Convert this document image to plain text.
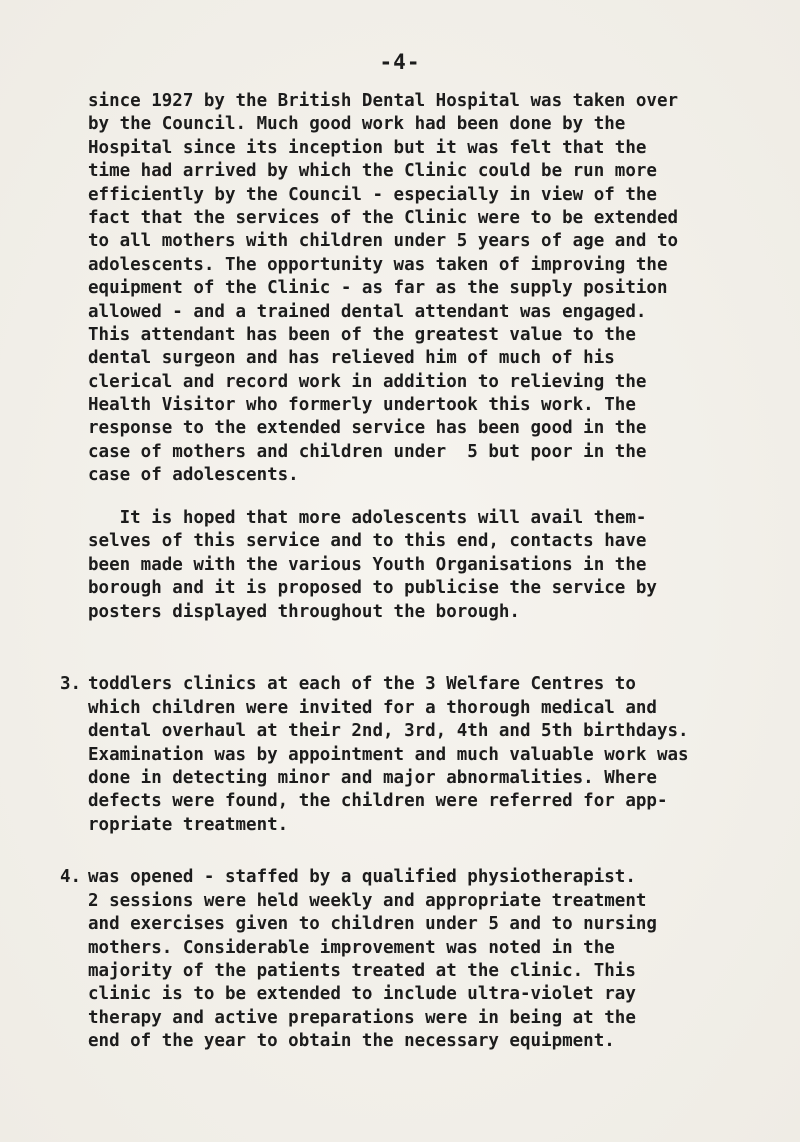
-4-
since 1927 by the British Dental Hospital was taken over
by the Council. Much good work had been done by the
Hospital since its inception but it was felt that the
time had arrived by which the Clinic could be run more
efficiently by the Council - especially in view of the
fact that the services of the Clinic were to be extended
to all mothers with children under 5 years of age and to
adolescents. The opportunity was taken of improving the
equipment of the Clinic - as far as the supply position
allowed - and a trained dental attendant was engaged.
This attendant has been of the greatest value to the
dental surgeon and has relieved him of much of his
clerical and record work in addition to relieving the
Health Visitor who formerly undertook this work. The
response to the extended service has been good in the
case of mothers and children under  5 but poor in the
case of adolescents.
It is hoped that more adolescents will avail them-
selves of this service and to this end, contacts have
been made with the various Youth Organisations in the
borough and it is proposed to publicise the service by
posters displayed throughout the borough.

3.

toddlers clinics at each of the 3 Welfare Centres to
which children were invited for a thorough medical and
dental overhaul at their 2nd, 3rd, 4th and 5th birthdays.
Examination was by appointment and much valuable work was
done in detecting minor and major abnormalities. Where
defects were found, the children were referred for app-
ropriate treatment.

4.

was opened - staffed by a qualified physiotherapist.
2 sessions were held weekly and appropriate treatment
and exercises given to children under 5 and to nursing
mothers. Considerable improvement was noted in the
majority of the patients treated at the clinic. This
clinic is to be extended to include ultra-violet ray
therapy and active preparations were in being at the
end of the year to obtain the necessary equipment.
